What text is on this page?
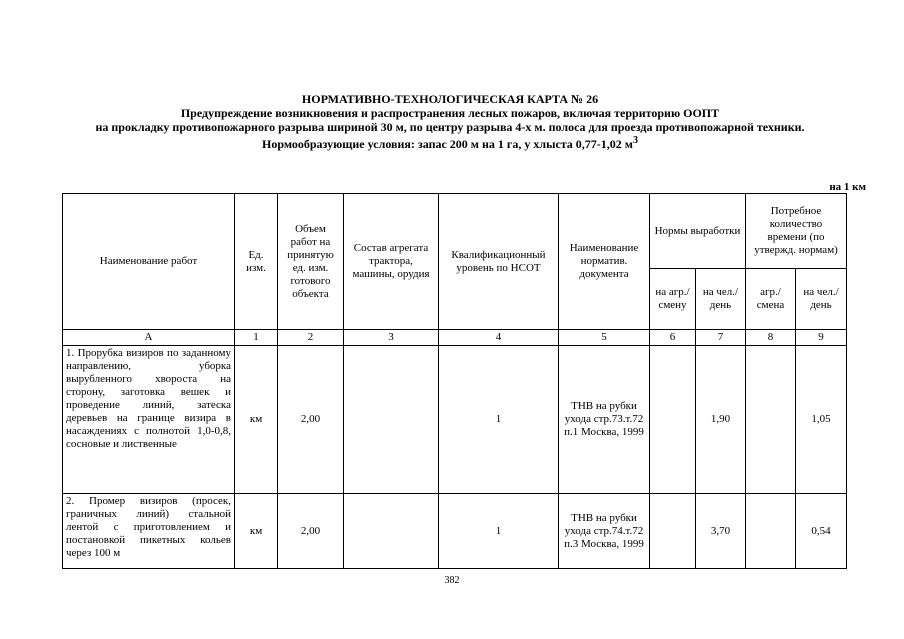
НОРМАТИВНО-ТЕХНОЛОГИЧЕСКАЯ КАРТА № 26
Предупреждение возникновения и распространения лесных пожаров, включая территорию ООПТ
на прокладку противопожарного разрыва шириной 30 м, по центру разрыва 4-х м. полоса для проезда противопожарной техники.
Нормообразующие условия: запас 200 м на 1 га, у хлыста 0,77-1,02 $м^3$
на 1 км
Наименование работ	Ед. изм.	Объем работ на принятую ед. изм. готового объекта	Состав агрегата трактора, машины, орудия	Квалификационный уровень по НСОТ	Наименование норматив. документа	Нормы выработки		Потребное количество времени (по утвержд. нормам)	
						на агр./ смену	на чел./ день	агр./ смена	на чел./ день
А	1	2	3	4	5	6	7	8	9
1. Прорубка визиров по заданному направлению, уборка вырубленного хвороста на сторону, заготовка вешек и проведение линий, затеска деревьев на границе визира в насаждениях с полнотой 1,0-0,8, сосновые и лиственные	км	2,00		1	ТНВ на рубки ухода стр.73.т.72 п.1 Москва, 1999		1,90		1,05
2. Промер визиров (просек, граничных линий) стальной лентой с приготовлением и постановкой пикетных кольев через 100 м	км	2,00		1	ТНВ на рубки ухода стр.74.т.72 п.3 Москва, 1999		3,70		0,54
382
